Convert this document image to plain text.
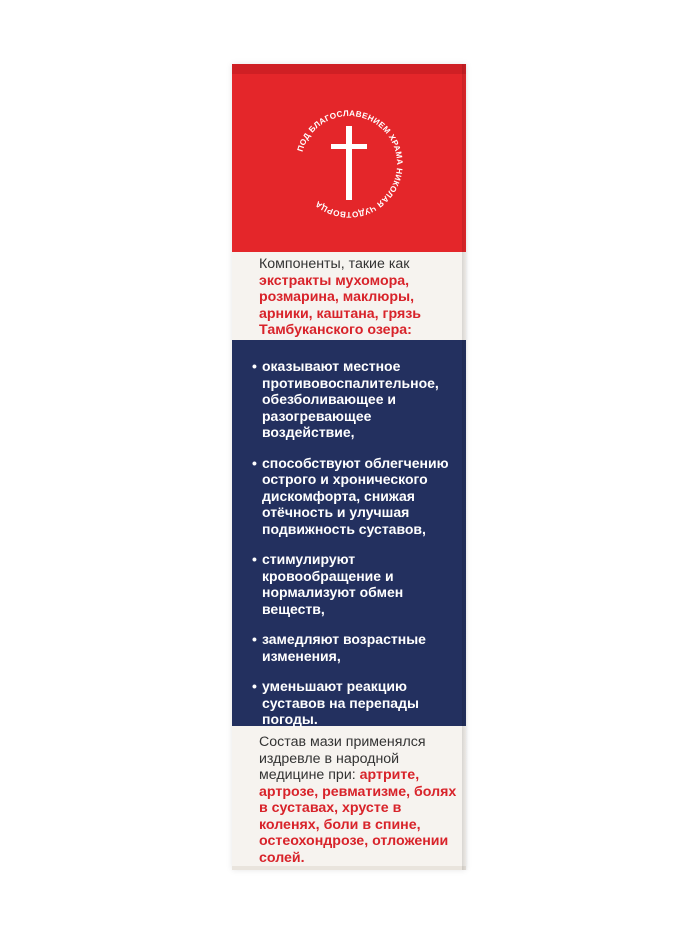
ПОД БЛАГОСЛАВЕНИЕМ ХРАМА НИКОЛАЯ ЧУДОТВОРЦА
Компоненты, такие как экстракты мухомора, розмарина, маклюры, арники, каштана, грязь Тамбуканского озера:
• оказывают местное противовоспалительное, обезболивающее и разогревающее воздействие,
• способствуют облегчению острого и хронического дискомфорта, снижая отёчность и улучшая подвижность суставов,
• стимулируют кровообращение и нормализуют обмен веществ,
• замедляют возрастные изменения,
• уменьшают реакцию суставов на перепады погоды.
Состав мази применялся издревле в народной медицине при: артрите, артрозе, ревматизме, болях в суставах, хрусте в коленях, боли в спине, остеохондрозе, отложении солей.
